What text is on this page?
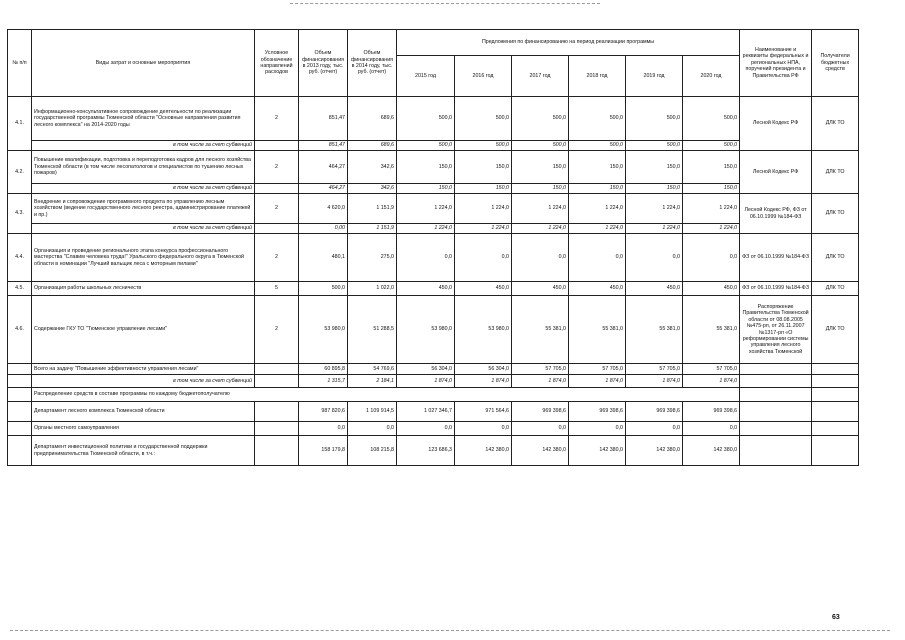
№ п/п	Виды затрат и основные мероприятия	Условное обозначение направлений расходов	Объем финансирования в 2013 году, тыс. руб. (отчет)	Объем финансирования в 2014 году, тыс. руб. (отчет)	Предложения по финансированию на период реализации программы						Наименование и реквизиты федеральных и региональных НПА, поручений президента и Правительства РФ	Получатели бюджетных средств
					2015 год	2016 год	2017 год	2018 год	2019 год	2020 год		
4.1.	Информационно-консультативное сопровождение деятельности по реализации государственной программы Тюменской области "Основные направления развития лесного комплекса" на 2014-2020 годы	2	851,47	689,6	500,0	500,0	500,0	500,0	500,0	500,0	Лесной Кодекс РФ	ДЛК ТО
	в том числе за счет субвенций		851,47	689,6	500,0	500,0	500,0	500,0	500,0	500,0		
4.2.	Повышение квалификации, подготовка и переподготовка кадров для лесного хозяйства Тюменской области (в том числе лесопатологов и специалистов по тушению лесных пожаров)	2	464,27	342,6	150,0	150,0	150,0	150,0	150,0	150,0	Лесной Кодекс РФ	ДЛК ТО
	в том числе за счет субвенций		464,27	342,6	150,0	150,0	150,0	150,0	150,0	150,0		
4.3.	Внедрение и сопровождение программного продукта по управлению лесным хозяйством (ведение государственного лесного реестра, администрирование платежей и пр.)	2	4 620,0	1 151,9	1 224,0	1 224,0	1 224,0	1 224,0	1 224,0	1 224,0	Лесной Кодекс РФ, ФЗ от 06.10.1999 №184-ФЗ	ДЛК ТО
	в том числе за счет субвенций		0,00	1 151,9	1 224,0	1 224,0	1 224,0	1 224,0	1 224,0	1 224,0		
4.4.	Организация и проведение регионального этапа конкурса профессионального мастерства "Славим человека труда!" Уральского федерального округа в Тюменской области в номинации "Лучший вальщик леса с моторным пилами"	2	480,1	275,0	0,0	0,0	0,0	0,0	0,0	0,0	ФЗ от 06.10.1999 №184-ФЗ	ДЛК ТО
4.5.	Организация работы школьных лесничеств	5	500,0	1 022,0	450,0	450,0	450,0	450,0	450,0	450,0	ФЗ от 06.10.1999 №184-ФЗ	ДЛК ТО
4.6.	Содержание ГКУ ТО "Тюменское управление лесами"	2	53 980,0	51 288,5	53 980,0	53 980,0	55 381,0	55 381,0	55 381,0	55 381,0	Распоряжение Правительства Тюменской области от 08.08.2005 №475-рп, от 26.11.2007 №1317-рп «О реформировании системы управления лесного хозяйства Тюменской	ДЛК ТО
	Всего на задачу "Повышение эффективности управления лесами"		60 895,8	54 769,6	56 304,0	56 304,0	57 705,0	57 705,0	57 705,0	57 705,0		
	в том числе за счет субвенций		1 315,7	2 184,1	1 874,0	1 874,0	1 874,0	1 874,0	1 874,0	1 874,0		
	Распределение средств в составе программы по каждому бюджетополучателю											
	Департамент лесного комплекса Тюменской области		987 820,6	1 109 914,5	1 027 346,7	971 564,6	969 398,6	969 398,6	969 398,6	969 398,6		
	Органы местного самоуправления		0,0	0,0	0,0	0,0	0,0	0,0	0,0	0,0		
	Департамент инвестиционной политики и государственной поддержки предпринимательства Тюменской области, в т.ч.:		158 179,8	108 215,8	123 686,3	142 380,0	142 380,0	142 380,0	142 380,0	142 380,0		
63
